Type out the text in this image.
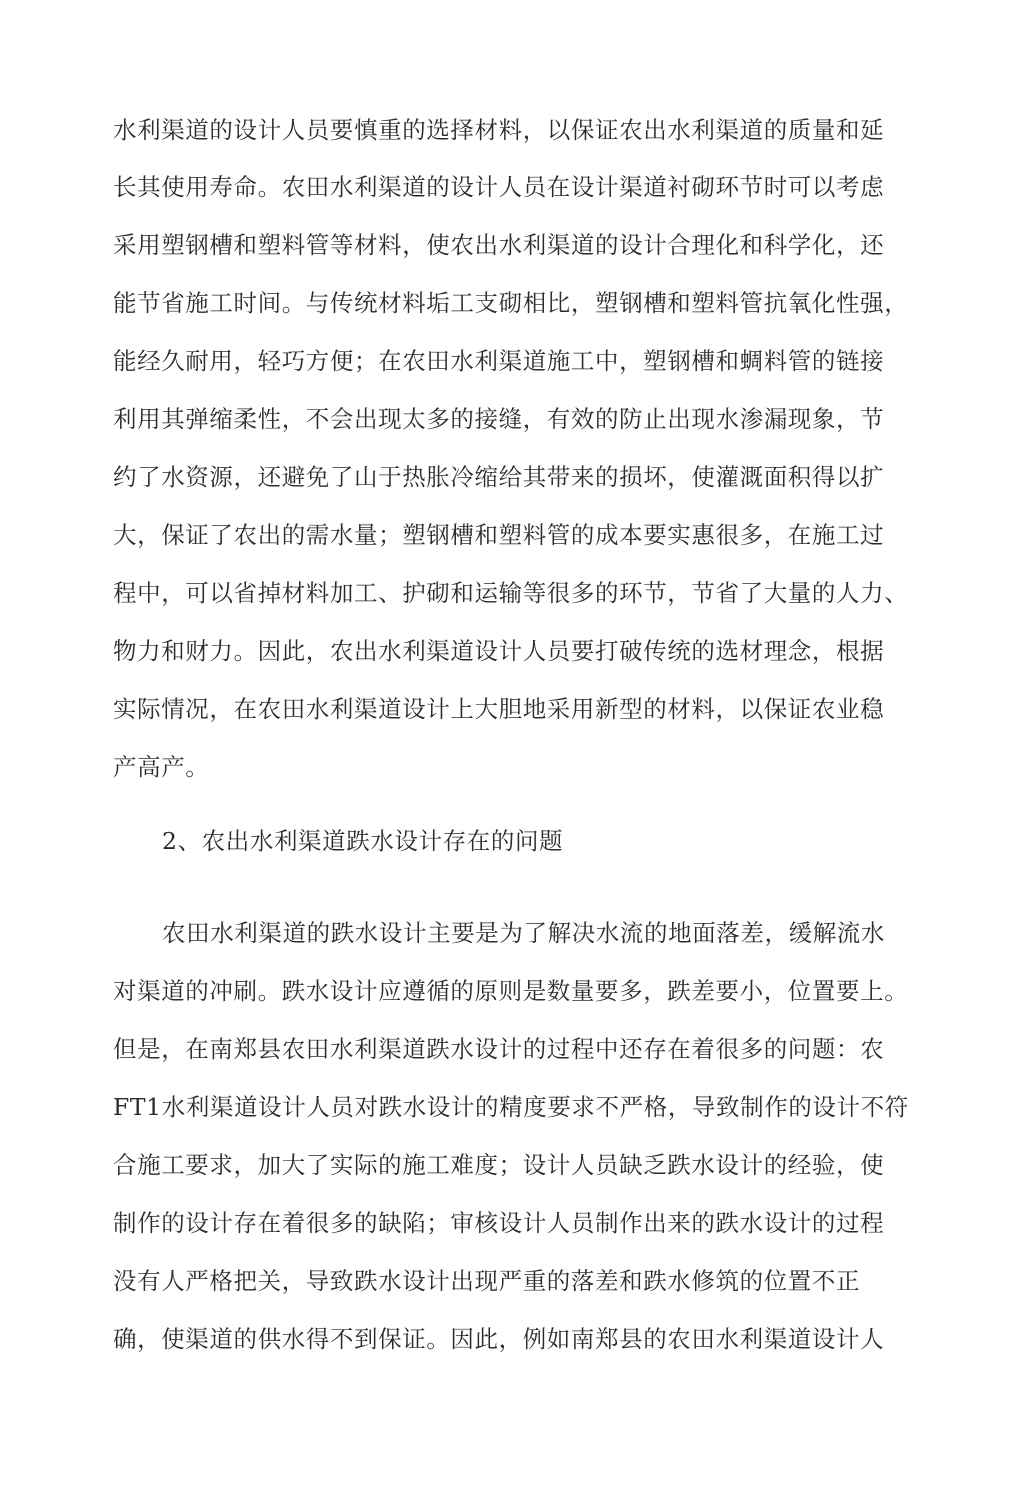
水利渠道的设计人员要慎重的选择材料，以保证农出水利渠道的质量和延
长其使用寿命。农田水利渠道的设计人员在设计渠道衬砌环节时可以考虑
采用塑钢槽和塑料管等材料，使农出水利渠道的设计合理化和科学化，还
能节省施工时间。与传统材料垢工支砌相比，塑钢槽和塑料管抗氧化性强，
能经久耐用，轻巧方便；在农田水利渠道施工中，塑钢槽和蜩料管的链接
利用其弹缩柔性，不会出现太多的接缝，有效的防止出现水渗漏现象，节
约了水资源，还避免了山于热胀冷缩给其带来的损坏，使灌溉面积得以扩
大，保证了农出的需水量；塑钢槽和塑料管的成本要实惠很多，在施工过
程中，可以省掉材料加工、护砌和运输等很多的环节，节省了大量的人力、
物力和财力。因此，农出水利渠道设计人员要打破传统的选材理念，根据
实际情况，在农田水利渠道设计上大胆地采用新型的材料，以保证农业稳
产高产。
2、农出水利渠道跌水设计存在的问题
农田水利渠道的跌水设计主要是为了解决水流的地面落差，缓解流水
对渠道的冲刷。跌水设计应遵循的原则是数量要多，跌差要小，位置要上。
但是，在南郑县农田水利渠道跌水设计的过程中还存在着很多的问题：农
FT1水利渠道设计人员对跌水设计的精度要求不严格，导致制作的设计不符
合施工要求，加大了实际的施工难度；设计人员缺乏跌水设计的经验，使
制作的设计存在着很多的缺陷；审核设计人员制作出来的跌水设计的过程
没有人严格把关，导致跌水设计出现严重的落差和跌水修筑的位置不正
确，使渠道的供水得不到保证。因此，例如南郑县的农田水利渠道设计人
